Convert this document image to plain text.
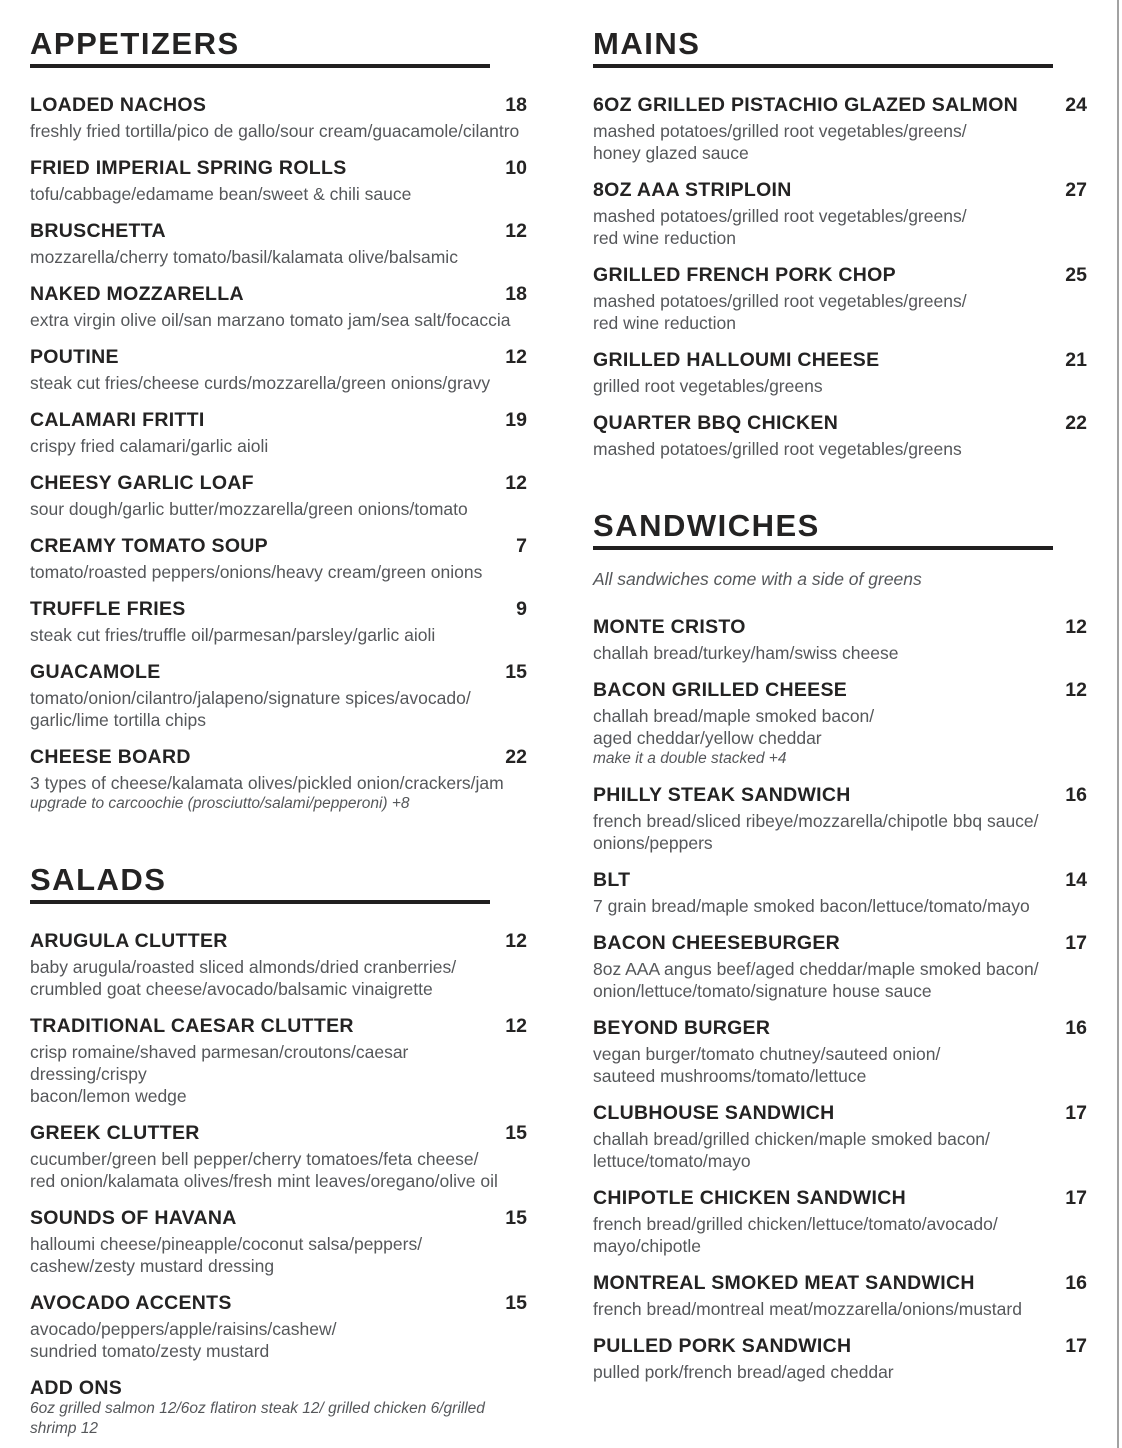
APPETIZERS
LOADED NACHOS	18
freshly fried tortilla/pico de gallo/sour cream/guacamole/cilantro
FRIED IMPERIAL SPRING ROLLS	10
tofu/cabbage/edamame bean/sweet & chili sauce
BRUSCHETTA	12
mozzarella/cherry tomato/basil/kalamata olive/balsamic
NAKED MOZZARELLA	18
extra virgin olive oil/san marzano tomato jam/sea salt/focaccia
POUTINE	12
steak cut fries/cheese curds/mozzarella/green onions/gravy
CALAMARI FRITTI	19
crispy fried calamari/garlic aioli
CHEESY GARLIC LOAF	12
sour dough/garlic butter/mozzarella/green onions/tomato
CREAMY TOMATO SOUP	7
tomato/roasted peppers/onions/heavy cream/green onions
TRUFFLE FRIES	9
steak cut fries/truffle oil/parmesan/parsley/garlic aioli
GUACAMOLE	15
tomato/onion/cilantro/jalapeno/signature spices/avocado/
garlic/lime tortilla chips
CHEESE BOARD	22
3 types of cheese/kalamata olives/pickled onion/crackers/jam
upgrade to carcoochie (prosciutto/salami/pepperoni) +8
SALADS
ARUGULA CLUTTER	12
baby arugula/roasted sliced almonds/dried cranberries/
crumbled goat cheese/avocado/balsamic vinaigrette
TRADITIONAL CAESAR CLUTTER	12
crisp romaine/shaved parmesan/croutons/caesar dressing/crispy
bacon/lemon wedge
GREEK CLUTTER	15
cucumber/green bell pepper/cherry tomatoes/feta cheese/
red onion/kalamata olives/fresh mint leaves/oregano/olive oil
SOUNDS OF HAVANA	15
halloumi cheese/pineapple/coconut salsa/peppers/
cashew/zesty mustard dressing
AVOCADO ACCENTS	15
avocado/peppers/apple/raisins/cashew/
sundried tomato/zesty mustard
ADD ONS
6oz grilled salmon 12/6oz flatiron steak 12/ grilled chicken 6/grilled shrimp 12
MAINS
6OZ GRILLED PISTACHIO GLAZED SALMON	24
mashed potatoes/grilled root vegetables/greens/
honey glazed sauce
8OZ AAA STRIPLOIN	27
mashed potatoes/grilled root vegetables/greens/
red wine reduction
GRILLED FRENCH PORK CHOP	25
mashed potatoes/grilled root vegetables/greens/
red wine reduction
GRILLED HALLOUMI CHEESE	21
grilled root vegetables/greens
QUARTER BBQ CHICKEN	22
mashed potatoes/grilled root vegetables/greens
SANDWICHES
All sandwiches come with a side of greens
MONTE CRISTO	12
challah bread/turkey/ham/swiss cheese
BACON GRILLED CHEESE	12
challah bread/maple smoked bacon/
aged cheddar/yellow cheddar
make it a double stacked +4
PHILLY STEAK SANDWICH	16
french bread/sliced ribeye/mozzarella/chipotle bbq sauce/
onions/peppers
BLT	14
7 grain bread/maple smoked bacon/lettuce/tomato/mayo
BACON CHEESEBURGER	17
8oz AAA angus beef/aged cheddar/maple smoked bacon/
onion/lettuce/tomato/signature house sauce
BEYOND BURGER	16
vegan burger/tomato chutney/sauteed onion/
sauteed mushrooms/tomato/lettuce
CLUBHOUSE SANDWICH	17
challah bread/grilled chicken/maple smoked bacon/
lettuce/tomato/mayo
CHIPOTLE CHICKEN SANDWICH	17
french bread/grilled chicken/lettuce/tomato/avocado/
mayo/chipotle
MONTREAL SMOKED MEAT SANDWICH	16
french bread/montreal meat/mozzarella/onions/mustard
PULLED PORK SANDWICH	17
pulled pork/french bread/aged cheddar
